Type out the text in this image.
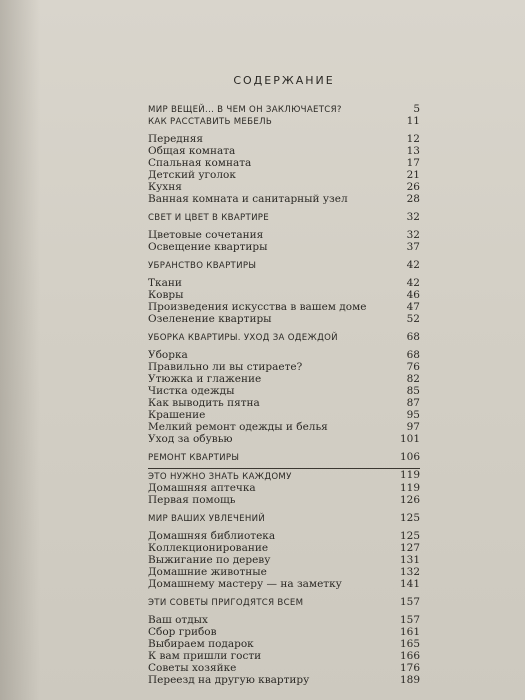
СОДЕРЖАНИЕ
МИР ВЕЩЕЙ... В ЧЕМ ОН ЗАКЛЮЧАЕТСЯ?	5
КАК РАССТАВИТЬ МЕБЕЛЬ	11
Передняя	12
Общая комната	13
Спальная комната	17
Детский уголок	21
Кухня	26
Ванная комната и санитарный узел	28
СВЕТ И ЦВЕТ В КВАРТИРЕ	32
Цветовые сочетания	32
Освещение квартиры	37
УБРАНСТВО КВАРТИРЫ	42
Ткани	42
Ковры	46
Произведения искусства в вашем доме	47
Озеленение квартиры	52
УБОРКА КВАРТИРЫ. УХОД ЗА ОДЕЖДОЙ	68
Уборка	68
Правильно ли вы стираете?	76
Утюжка и глажение	82
Чистка одежды	85
Как выводить пятна	87
Крашение	95
Мелкий ремонт одежды и белья	97
Уход за обувью	101
РЕМОНТ КВАРТИРЫ	106
ЭТО НУЖНО ЗНАТЬ КАЖДОМУ	119
Домашняя аптечка	119
Первая помощь	126
МИР ВАШИХ УВЛЕЧЕНИЙ	125
Домашняя библиотека	125
Коллекционирование	127
Выжигание по дереву	131
Домашние животные	132
Домашнему мастеру — на заметку	141
ЭТИ СОВЕТЫ ПРИГОДЯТСЯ ВСЕМ	157
Ваш отдых	157
Сбор грибов	161
Выбираем подарок	165
К вам пришли гости	166
Советы хозяйке	176
Переезд на другую квартиру	189
